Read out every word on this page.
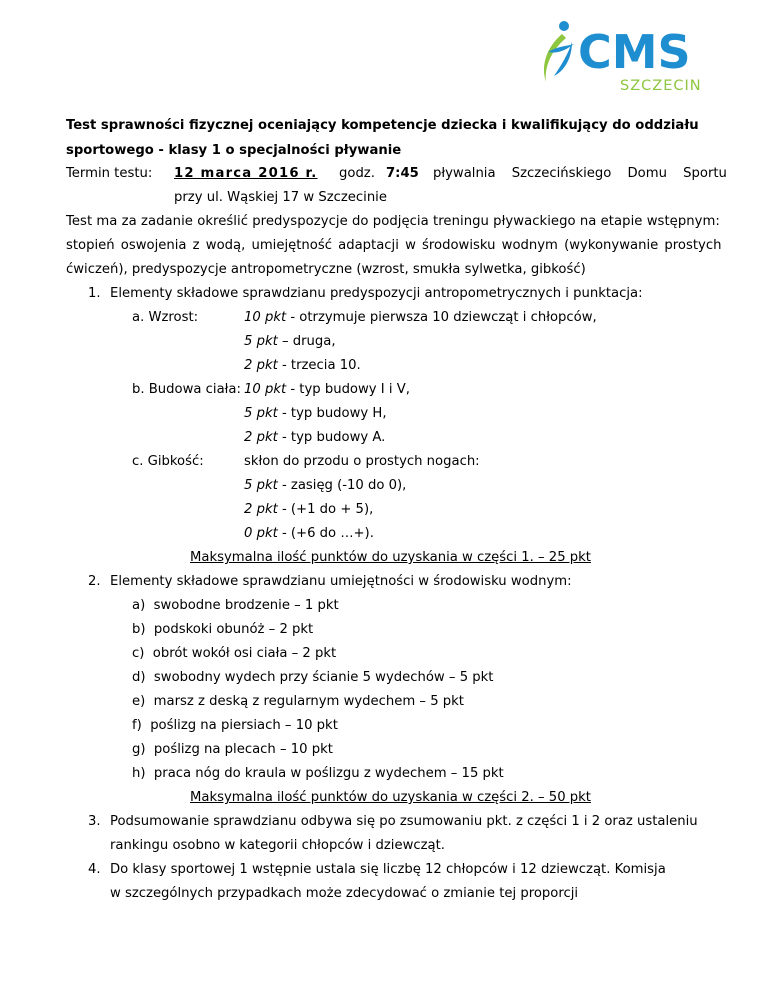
CMS
SZCZECIN
Test sprawności fizycznej oceniający kompetencje dziecka i kwalifikujący do oddziału
sportowego - klasy 1 o specjalności pływanie
Termin testu: 12 marca 2016 r. godz. 7:45 pływalnia Szczecińskiego Domu Sportu
przy ul. Wąskiej 17 w Szczecinie
Test ma za zadanie określić predyspozycje do podjęcia treningu pływackiego na etapie wstępnym:
stopień oswojenia z wodą, umiejętność adaptacji w środowisku wodnym (wykonywanie prostych
ćwiczeń), predyspozycje antropometryczne (wzrost, smukła sylwetka, gibkość)
1. Elementy składowe sprawdzianu predyspozycji antropometrycznych i punktacja:
a. Wzrost:	10 pkt - otrzymuje pierwsza 10 dziewcząt i chłopców,
5 pkt – druga,
2 pkt - trzecia 10.
b. Budowa ciała: 10 pkt - typ budowy I i V,
5 pkt - typ budowy H,
2 pkt - typ budowy A.
c. Gibkość:	skłon do przodu o prostych nogach:
5 pkt - zasięg (-10 do 0),
2 pkt - (+1 do + 5),
0 pkt - (+6 do …+).
Maksymalna ilość punktów do uzyskania w części 1. – 25 pkt
2. Elementy składowe sprawdzianu umiejętności w środowisku wodnym:
a) swobodne brodzenie – 1 pkt
b) podskoki obunóż – 2 pkt
c) obrót wokół osi ciała – 2 pkt
d) swobodny wydech przy ścianie 5 wydechów – 5 pkt
e) marsz z deską z regularnym wydechem – 5 pkt
f) poślizg na piersiach – 10 pkt
g) poślizg na plecach – 10 pkt
h) praca nóg do kraula w poślizgu z wydechem – 15 pkt
Maksymalna ilość punktów do uzyskania w części 2. – 50 pkt
3. Podsumowanie sprawdzianu odbywa się po zsumowaniu pkt. z części 1 i 2 oraz ustaleniu
rankingu osobno w kategorii chłopców i dziewcząt.
4. Do klasy sportowej 1 wstępnie ustala się liczbę 12 chłopców i 12 dziewcząt. Komisja
w szczególnych przypadkach może zdecydować o zmianie tej proporcji
